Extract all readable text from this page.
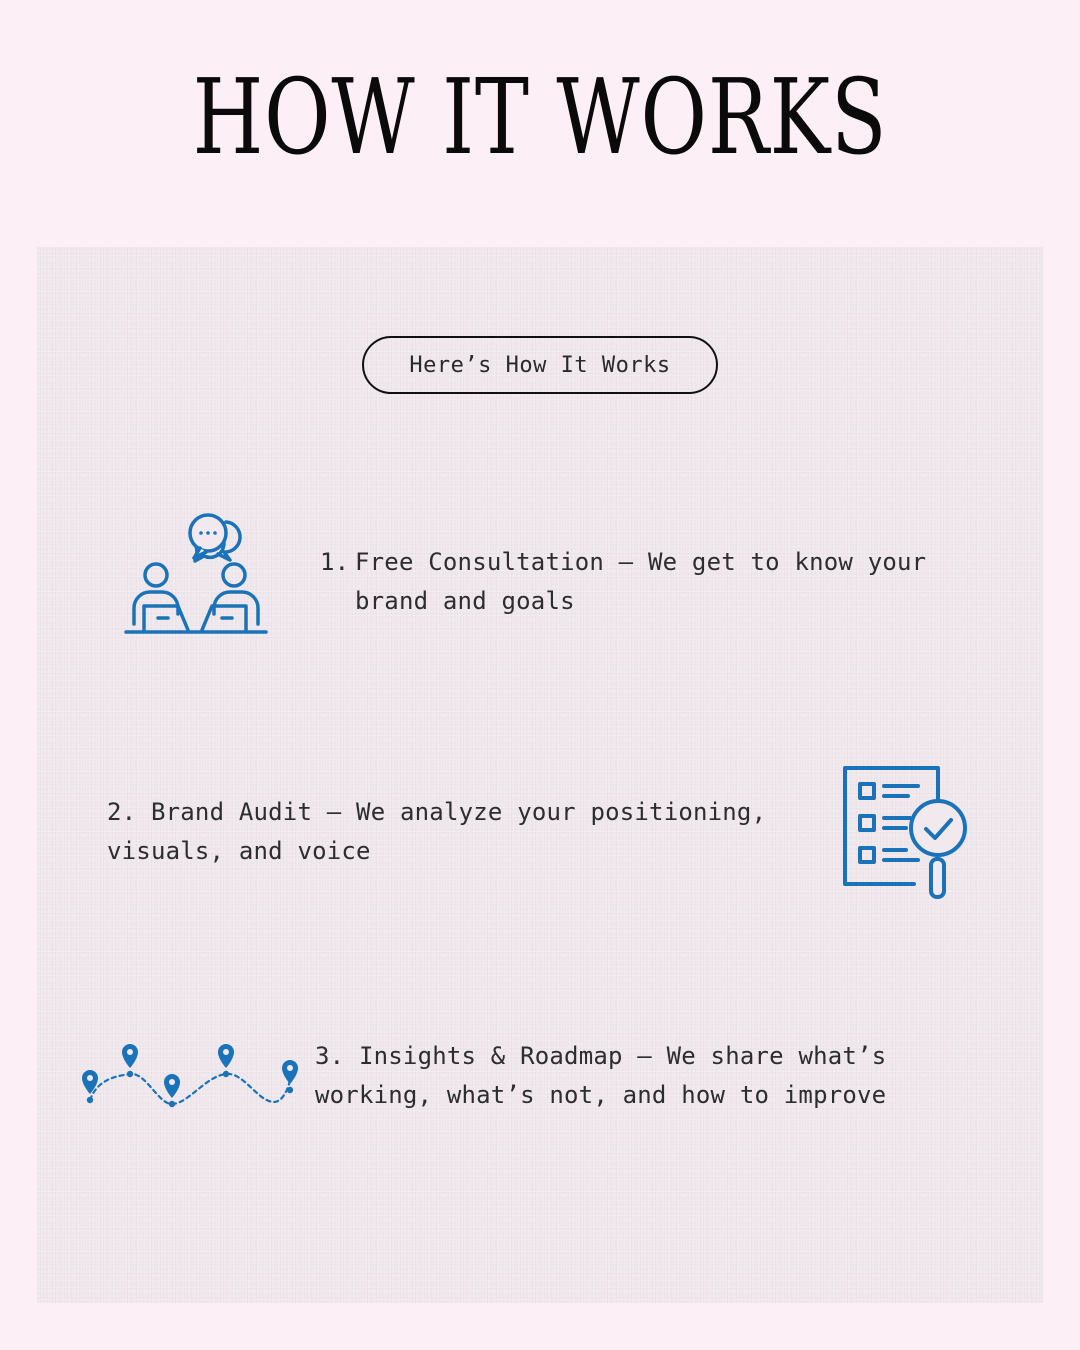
HOW IT WORKS
Here’s How It Works
1. Free Consultation – We get to know your brand and goals
2. Brand Audit – We analyze your positioning, visuals, and voice
3. Insights & Roadmap – We share what’s working, what’s not, and how to improve
